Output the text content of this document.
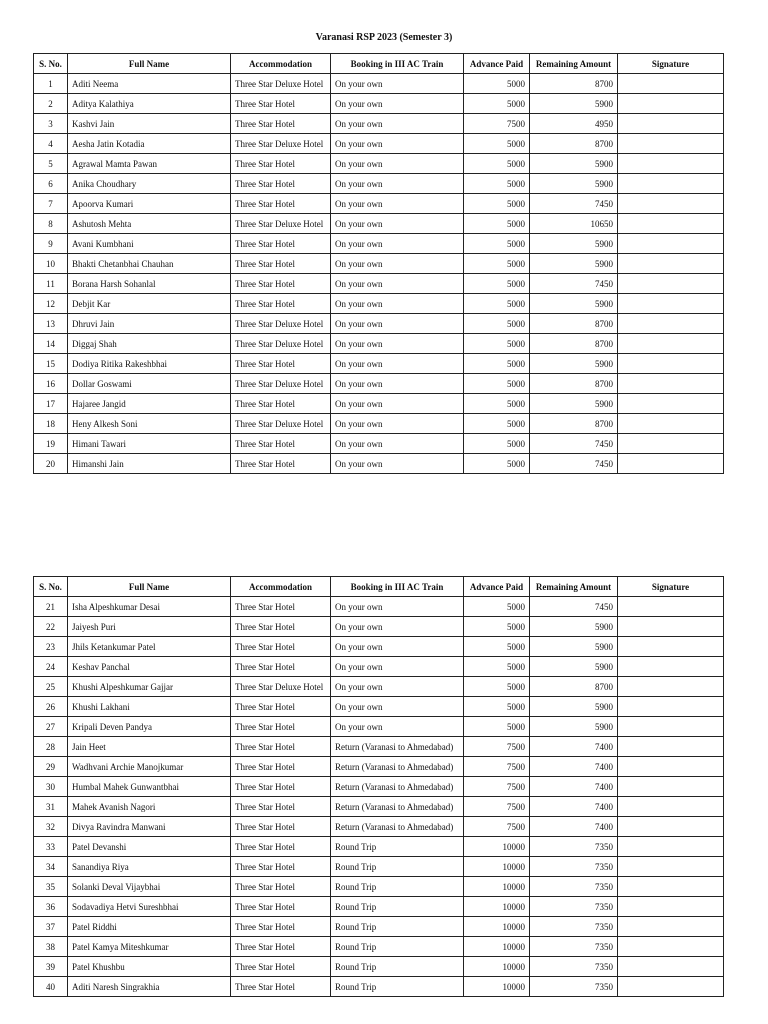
Varanasi RSP 2023 (Semester 3)
S. No.	Full Name	Accommodation	Booking in III AC Train	Advance Paid	Remaining Amount	Signature
1	Aditi Neema	Three Star Deluxe Hotel	On your own	5000	8700	
2	Aditya Kalathiya	Three Star Hotel	On your own	5000	5900	
3	Kashvi Jain	Three Star Hotel	On your own	7500	4950	
4	Aesha Jatin Kotadia	Three Star Deluxe Hotel	On your own	5000	8700	
5	Agrawal Mamta Pawan	Three Star Hotel	On your own	5000	5900	
6	Anika Choudhary	Three Star Hotel	On your own	5000	5900	
7	Apoorva Kumari	Three Star Hotel	On your own	5000	7450	
8	Ashutosh Mehta	Three Star Deluxe Hotel	On your own	5000	10650	
9	Avani Kumbhani	Three Star Hotel	On your own	5000	5900	
10	Bhakti Chetanbhai Chauhan	Three Star Hotel	On your own	5000	5900	
11	Borana Harsh Sohanlal	Three Star Hotel	On your own	5000	7450	
12	Debjit Kar	Three Star Hotel	On your own	5000	5900	
13	Dhruvi Jain	Three Star Deluxe Hotel	On your own	5000	8700	
14	Diggaj Shah	Three Star Deluxe Hotel	On your own	5000	8700	
15	Dodiya Ritika Rakeshbhai	Three Star Hotel	On your own	5000	5900	
16	Dollar Goswami	Three Star Deluxe Hotel	On your own	5000	8700	
17	Hajaree Jangid	Three Star Hotel	On your own	5000	5900	
18	Heny Alkesh Soni	Three Star Deluxe Hotel	On your own	5000	8700	
19	Himani Tawari	Three Star Hotel	On your own	5000	7450	
20	Himanshi Jain	Three Star Hotel	On your own	5000	7450	
S. No.	Full Name	Accommodation	Booking in III AC Train	Advance Paid	Remaining Amount	Signature
21	Isha Alpeshkumar Desai	Three Star Hotel	On your own	5000	7450	
22	Jaiyesh Puri	Three Star Hotel	On your own	5000	5900	
23	Jhils Ketankumar Patel	Three Star Hotel	On your own	5000	5900	
24	Keshav Panchal	Three Star Hotel	On your own	5000	5900	
25	Khushi Alpeshkumar Gajjar	Three Star Deluxe Hotel	On your own	5000	8700	
26	Khushi Lakhani	Three Star Hotel	On your own	5000	5900	
27	Kripali Deven Pandya	Three Star Hotel	On your own	5000	5900	
28	Jain Heet	Three Star Hotel	Return (Varanasi to Ahmedabad)	7500	7400	
29	Wadhvani Archie Manojkumar	Three Star Hotel	Return (Varanasi to Ahmedabad)	7500	7400	
30	Humbal Mahek Gunwantbhai	Three Star Hotel	Return (Varanasi to Ahmedabad)	7500	7400	
31	Mahek Avanish Nagori	Three Star Hotel	Return (Varanasi to Ahmedabad)	7500	7400	
32	Divya Ravindra Manwani	Three Star Hotel	Return (Varanasi to Ahmedabad)	7500	7400	
33	Patel Devanshi	Three Star Hotel	Round Trip	10000	7350	
34	Sanandiya Riya	Three Star Hotel	Round Trip	10000	7350	
35	Solanki Deval Vijaybhai	Three Star Hotel	Round Trip	10000	7350	
36	Sodavadiya Hetvi Sureshbhai	Three Star Hotel	Round Trip	10000	7350	
37	Patel Riddhi	Three Star Hotel	Round Trip	10000	7350	
38	Patel Kamya Miteshkumar	Three Star Hotel	Round Trip	10000	7350	
39	Patel Khushbu	Three Star Hotel	Round Trip	10000	7350	
40	Aditi Naresh Singrakhia	Three Star Hotel	Round Trip	10000	7350	
